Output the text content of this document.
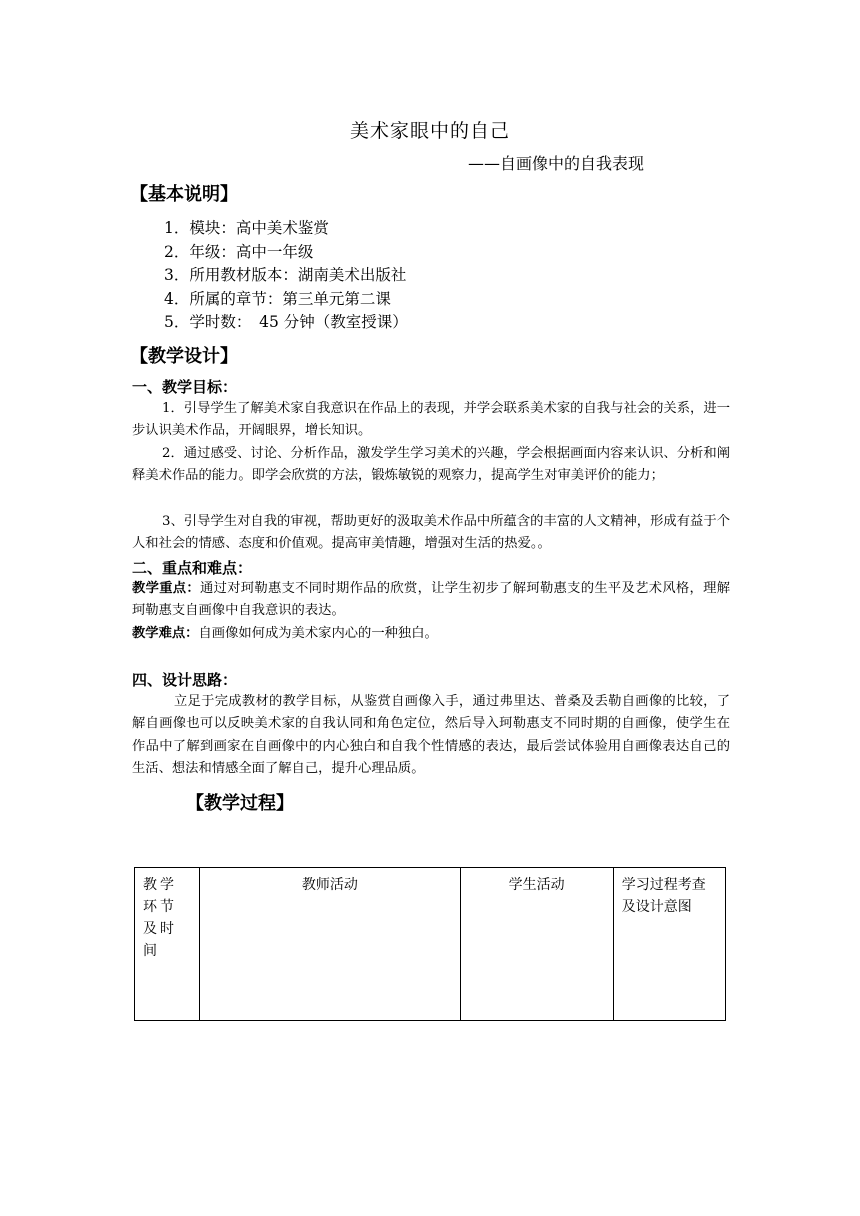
美术家眼中的自己
——自画像中的自我表现
【基本说明】
1．模块：高中美术鉴赏
2．年级：高中一年级
3．所用教材版本：湖南美术出版社
4．所属的章节：第三单元第二课
5．学时数：　45 分钟（教室授课）
【教学设计】
一、教学目标：
1．引导学生了解美术家自我意识在作品上的表现，并学会联系美术家的自我与社会的关系，进一步认识美术作品，开阔眼界，增长知识。
2．通过感受、讨论、分析作品，激发学生学习美术的兴趣，学会根据画面内容来认识、分析和阐释美术作品的能力。即学会欣赏的方法，锻炼敏锐的观察力，提高学生对审美评价的能力；
3、引导学生对自我的审视，帮助更好的汲取美术作品中所蕴含的丰富的人文精神，形成有益于个人和社会的情感、态度和价值观。提高审美情趣，增强对生活的热爱。。
二、重点和难点：
教学重点：通过对珂勒惠支不同时期作品的欣赏，让学生初步了解珂勒惠支的生平及艺术风格，理解珂勒惠支自画像中自我意识的表达。
教学难点：自画像如何成为美术家内心的一种独白。
四、设计思路：
立足于完成教材的教学目标，从鉴赏自画像入手，通过弗里达、普桑及丢勒自画像的比较，了解自画像也可以反映美术家的自我认同和角色定位，然后导入珂勒惠支不同时期的自画像，使学生在作品中了解到画家在自画像中的内心独白和自我个性情感的表达，最后尝试体验用自画像表达自己的生活、想法和情感全面了解自己，提升心理品质。
【教学过程】
教学环节及时间	教师活动	学生活动	学习过程考查及设计意图
